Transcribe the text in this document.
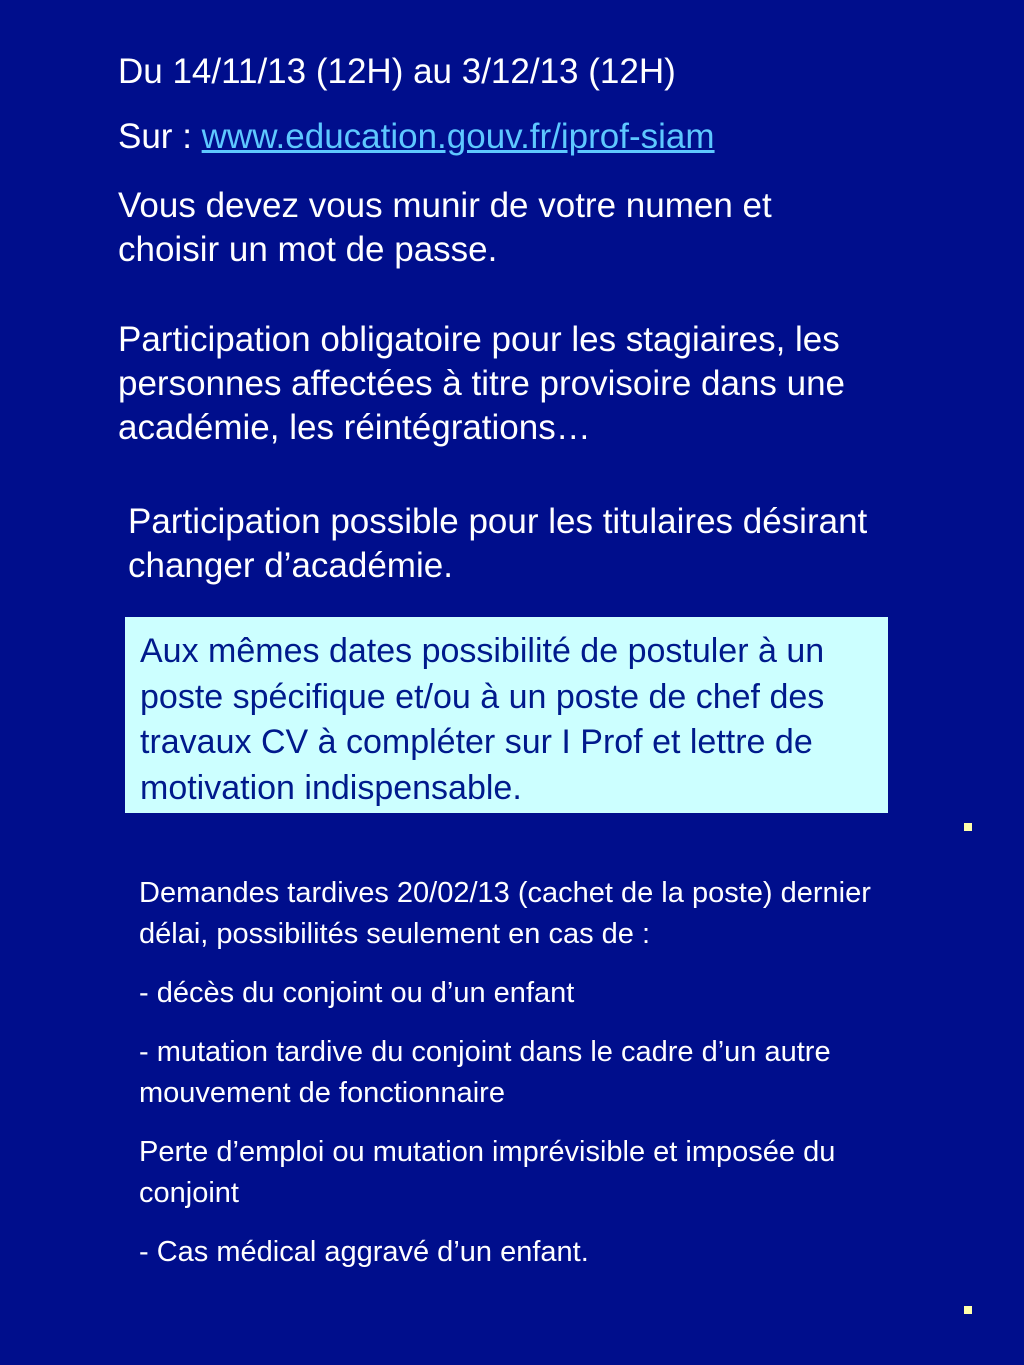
Du 14/11/13 (12H) au 3/12/13 (12H)

Sur : www.education.gouv.fr/iprof-siam

Vous devez vous munir de votre numen et choisir un mot de passe.

Participation obligatoire pour les stagiaires, les personnes affectées à titre provisoire dans une académie, les réintégrations…

Participation possible pour les titulaires désirant changer d’académie.

Aux mêmes dates possibilité de postuler à un poste spécifique et/ou à un poste de chef des travaux CV à compléter sur I Prof et lettre de motivation indispensable.

Demandes tardives 20/02/13 (cachet de la poste) dernier délai, possibilités seulement en cas de :

- décès du conjoint ou d’un enfant

- mutation tardive du conjoint dans le cadre d’un autre mouvement de fonctionnaire

Perte d’emploi ou mutation imprévisible et imposée du conjoint

- Cas médical aggravé d’un enfant.
